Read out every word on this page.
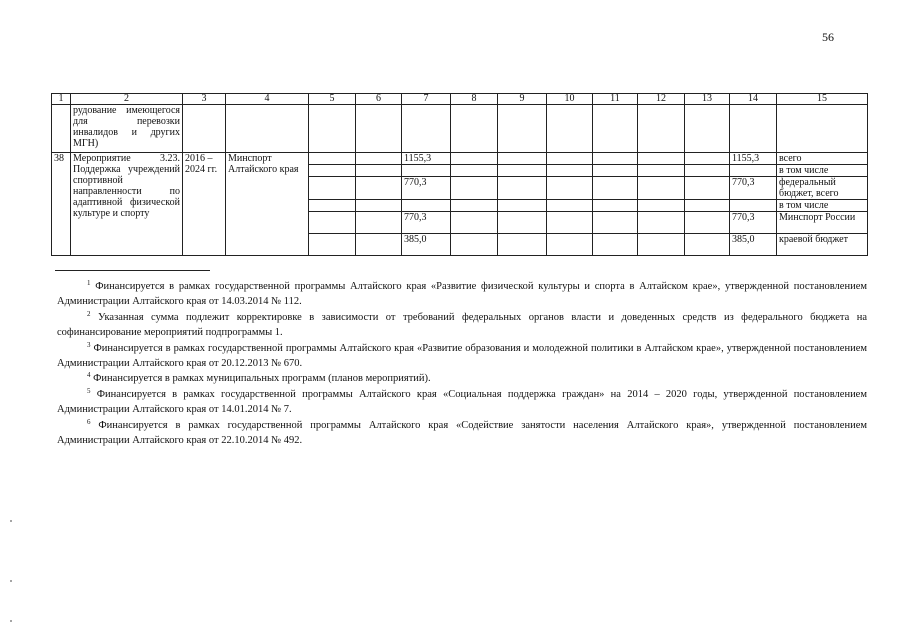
56
1	2	3	4	5	6	7	8	9	10	11	12	13	14	15
	рудование имеющегося для перевозки инвалидов и других МГН)													
38	Мероприятие 3.23. Поддержка учреждений спортивной направленности по адаптивной физической культуре и спорту	2016 – 2024 гг.	Минспорт Алтайского края			1155,3							1155,3	всего
														в том числе
						770,3							770,3	федеральный бюджет, всего
														в том числе
						770,3							770,3	Минспорт России
						385,0							385,0	краевой бюджет

$^1$ Финансируется в рамках государственной программы Алтайского края «Развитие физической культуры и спорта в Алтайском крае», утвержденной постановлением Администрации Алтайского края от 14.03.2014 № 112.

$^2$ Указанная сумма подлежит корректировке в зависимости от требований федеральных органов власти и доведенных средств из федерального бюджета на софинансирование мероприятий подпрограммы 1.

$^3$ Финансируется в рамках государственной программы Алтайского края «Развитие образования и молодежной политики в Алтайском крае», утвержденной постановлением Администрации Алтайского края от 20.12.2013 № 670.

$^4$ Финансируется в рамках муниципальных программ (планов мероприятий).

$^5$ Финансируется в рамках государственной программы Алтайского края «Социальная поддержка граждан» на 2014 – 2020 годы, утвержденной постановлением Администрации Алтайского края от 14.01.2014 № 7.

$^6$ Финансируется в рамках государственной программы Алтайского края «Содействие занятости населения Алтайского края», утвержденной постановлением Администрации Алтайского края от 22.10.2014 № 492.
